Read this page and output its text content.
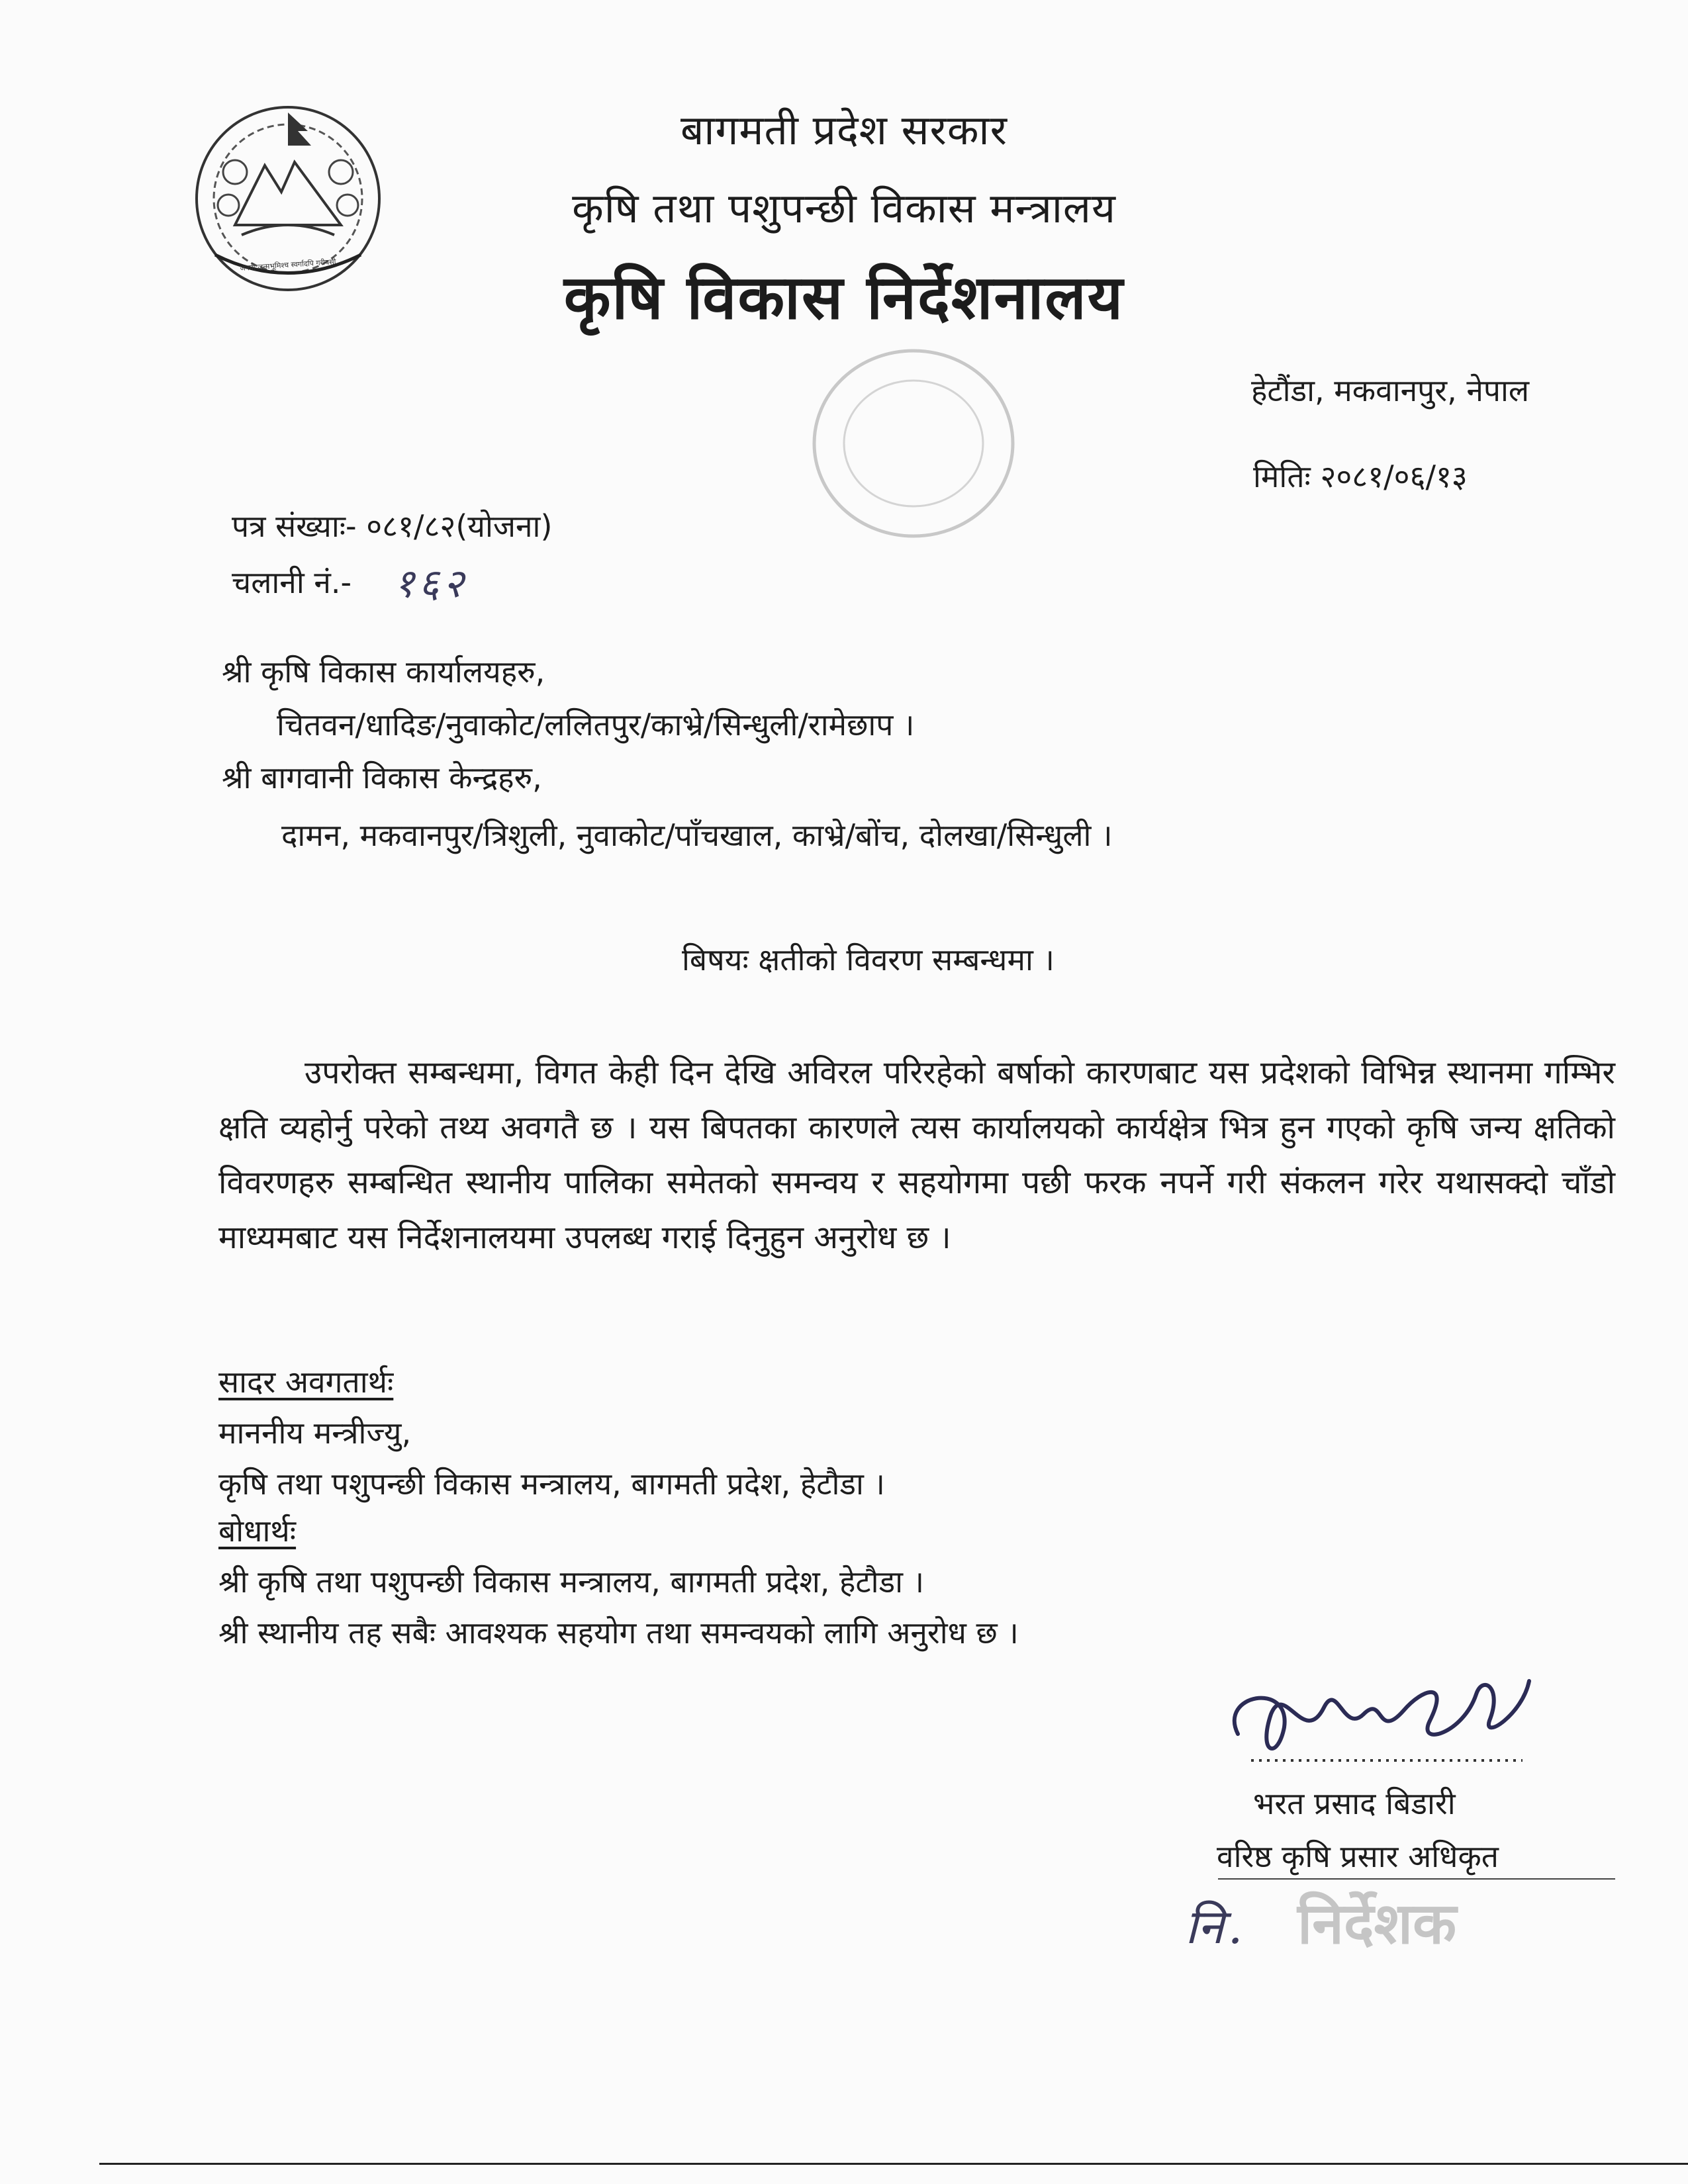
जननी जन्मभूमिश्च स्वर्गादपि गरीयसी
बागमती प्रदेश सरकार
कृषि तथा पशुपन्छी विकास मन्त्रालय
कृषि विकास निर्देशनालय
हेटौंडा, मकवानपुर, नेपाल
मितिः २०८१/०६/१३
पत्र संख्याः- ०८१/८२(योजना)
चलानी नं.- १६२
श्री कृषि विकास कार्यालयहरु,
चितवन/धादिङ/नुवाकोट/ललितपुर/काभ्रे/सिन्धुली/रामेछाप ।
श्री बागवानी विकास केन्द्रहरु,
दामन, मकवानपुर/त्रिशुली, नुवाकोट/पाँचखाल, काभ्रे/बोंच, दोलखा/सिन्धुली ।
बिषयः क्षतीको विवरण सम्बन्धमा ।
उपरोक्त सम्बन्धमा, विगत केही दिन देखि अविरल परिरहेको बर्षाको कारणबाट यस प्रदेशको विभिन्न स्थानमा गम्भिर क्षति व्यहोर्नु परेको तथ्य अवगतै छ । यस बिपतका कारणले त्यस कार्यालयको कार्यक्षेत्र भित्र हुन गएको कृषि जन्य क्षतिको विवरणहरु सम्बन्धित स्थानीय पालिका समेतको समन्वय र सहयोगमा पछी फरक नपर्ने गरी संकलन गरेर यथासक्दो चाँडो माध्यमबाट यस निर्देशनालयमा उपलब्ध गराई दिनुहुन अनुरोध छ ।
सादर अवगतार्थः
माननीय मन्त्रीज्यु,
कृषि तथा पशुपन्छी विकास मन्त्रालय, बागमती प्रदेश, हेटौडा ।
बोधार्थः
श्री कृषि तथा पशुपन्छी विकास मन्त्रालय, बागमती प्रदेश, हेटौडा ।
श्री स्थानीय तह सबैः आवश्यक सहयोग तथा समन्वयको लागि अनुरोध छ ।
भरत प्रसाद बिडारी
वरिष्ठ कृषि प्रसार अधिकृत
नि. निर्देशक
